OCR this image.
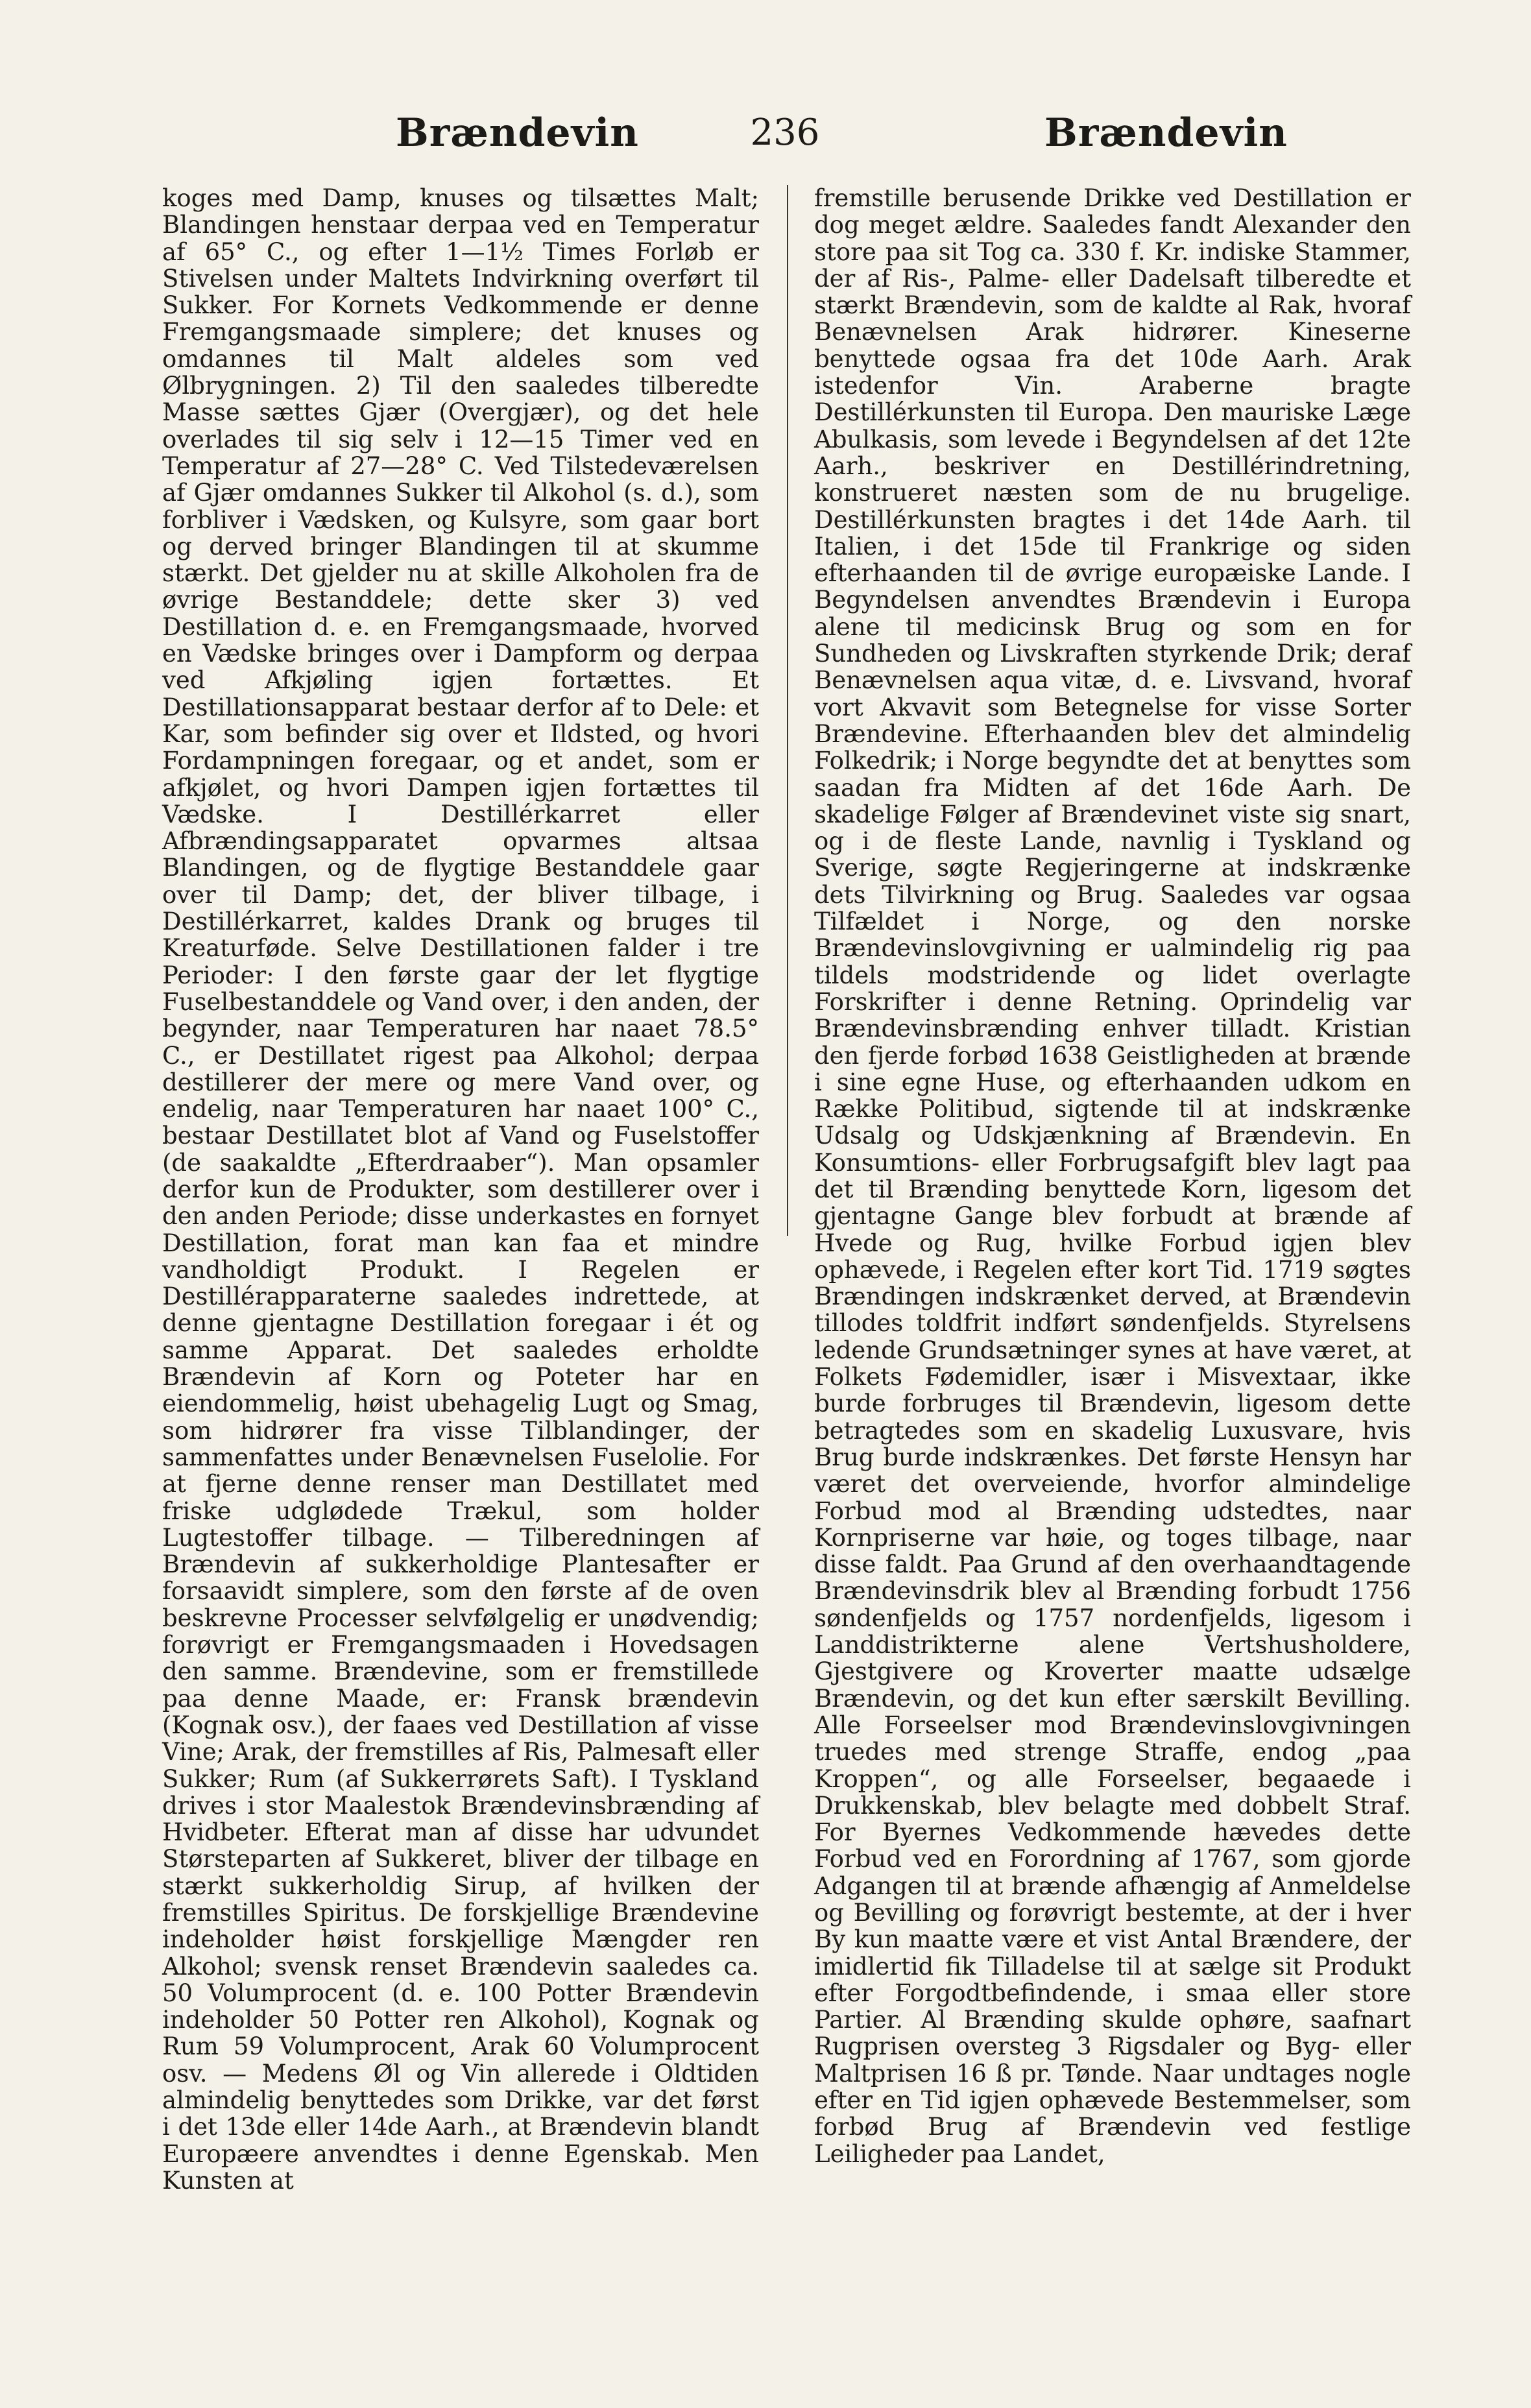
Brændevin	236	Brændevin

koges med Damp, knuses og tilsættes Malt; Blandingen henstaar derpaa ved en Temperatur af 65° C., og efter 1—1½ Times Forløb er Stivelsen under Maltets Indvirkning overført til Sukker. For Kornets Vedkommende er denne Fremgangsmaade simplere; det knuses og omdannes til Malt aldeles som ved Ølbrygningen. 2) Til den saaledes tilberedte Masse sættes Gjær (Overgjær), og det hele overlades til sig selv i 12—15 Timer ved en Temperatur af 27—28° C. Ved Tilstedeværelsen af Gjær omdannes Sukker til Alkohol (s. d.), som forbliver i Vædsken, og Kulsyre, som gaar bort og derved bringer Blandingen til at skumme stærkt. Det gjelder nu at skille Alkoholen fra de øvrige Bestanddele; dette sker 3) ved Destillation d. e. en Fremgangsmaade, hvorved en Vædske bringes over i Dampform og derpaa ved Afkjøling igjen fortættes. Et Destillationsapparat bestaar derfor af to Dele: et Kar, som befinder sig over et Ildsted, og hvori Fordampningen foregaar, og et andet, som er afkjølet, og hvori Dampen igjen fortættes til Vædske. I Destillérkarret eller Afbrændingsapparatet opvarmes altsaa Blandingen, og de flygtige Bestanddele gaar over til Damp; det, der bliver tilbage, i Destillérkarret, kaldes Drank og bruges til Kreaturføde. Selve Destillationen falder i tre Perioder: I den første gaar der let flygtige Fuselbestanddele og Vand over, i den anden, der begynder, naar Temperaturen har naaet 78.5° C., er Destillatet rigest paa Alkohol; derpaa destillerer der mere og mere Vand over, og endelig, naar Temperaturen har naaet 100° C., bestaar Destillatet blot af Vand og Fuselstoffer (de saakaldte „Efterdraaber“). Man opsamler derfor kun de Produkter, som destillerer over i den anden Periode; disse underkastes en fornyet Destillation, forat man kan faa et mindre vandholdigt Produkt. I Regelen er Destillérapparaterne saaledes indrettede, at denne gjentagne Destillation foregaar i ét og samme Apparat. Det saaledes erholdte Brændevin af Korn og Poteter har en eiendommelig, høist ubehagelig Lugt og Smag, som hidrører fra visse Tilblandinger, der sammenfattes under Benævnelsen Fuselolie. For at fjerne denne renser man Destillatet med friske udglødede Trækul, som holder Lugtestoffer tilbage. — Tilberedningen af Brændevin af sukkerholdige Plantesafter er forsaavidt simplere, som den første af de oven beskrevne Processer selvfølgelig er unødvendig; forøvrigt er Fremgangsmaaden i Hovedsagen den samme. Brændevine, som er fremstillede paa denne Maade, er: Fransk brændevin (Kognak osv.), der faaes ved Destillation af visse Vine; Arak, der fremstilles af Ris, Palmesaft eller Sukker; Rum (af Sukkerrørets Saft). I Tyskland drives i stor Maalestok Brændevinsbrænding af Hvidbeter. Efterat man af disse har udvundet Størsteparten af Sukkeret, bliver der tilbage en stærkt sukkerholdig Sirup, af hvilken der fremstilles Spiritus. De forskjellige Brændevine indeholder høist forskjellige Mængder ren Alkohol; svensk renset Brændevin saaledes ca. 50 Volumprocent (d. e. 100 Potter Brændevin indeholder 50 Potter ren Alkohol), Kognak og Rum 59 Volumprocent, Arak 60 Volumprocent osv. — Medens Øl og Vin allerede i Oldtiden almindelig benyttedes som Drikke, var det først i det 13de eller 14de Aarh., at Brændevin blandt Europæere anvendtes i denne Egenskab. Men Kunsten at

fremstille berusende Drikke ved Destillation er dog meget ældre. Saaledes fandt Alexander den store paa sit Tog ca. 330 f. Kr. indiske Stammer, der af Ris-, Palme- eller Dadelsaft tilberedte et stærkt Brændevin, som de kaldte al Rak, hvoraf Benævnelsen Arak hidrører. Kineserne benyttede ogsaa fra det 10de Aarh. Arak istedenfor Vin. Araberne bragte Destillérkunsten til Europa. Den mauriske Læge Abulkasis, som levede i Begyndelsen af det 12te Aarh., beskriver en Destillérindretning, konstrueret næsten som de nu brugelige. Destillérkunsten bragtes i det 14de Aarh. til Italien, i det 15de til Frankrige og siden efterhaanden til de øvrige europæiske Lande. I Begyndelsen anvendtes Brændevin i Europa alene til medicinsk Brug og som en for Sundheden og Livskraften styrkende Drik; deraf Benævnelsen aqua vitæ, d. e. Livsvand, hvoraf vort Akvavit som Betegnelse for visse Sorter Brændevine. Efterhaanden blev det almindelig Folkedrik; i Norge begyndte det at benyttes som saadan fra Midten af det 16de Aarh. De skadelige Følger af Brændevinet viste sig snart, og i de fleste Lande, navnlig i Tyskland og Sverige, søgte Regjeringerne at indskrænke dets Tilvirkning og Brug. Saaledes var ogsaa Tilfældet i Norge, og den norske Brændevinslovgivning er ualmindelig rig paa tildels modstridende og lidet overlagte Forskrifter i denne Retning. Oprindelig var Brændevinsbrænding enhver tilladt. Kristian den fjerde forbød 1638 Geistligheden at brænde i sine egne Huse, og efterhaanden udkom en Række Politibud, sigtende til at indskrænke Udsalg og Udskjænkning af Brændevin. En Konsumtions- eller Forbrugsafgift blev lagt paa det til Brænding benyttede Korn, ligesom det gjentagne Gange blev forbudt at brænde af Hvede og Rug, hvilke Forbud igjen blev ophævede, i Regelen efter kort Tid. 1719 søgtes Brændingen indskrænket derved, at Brændevin tillodes toldfrit indført søndenfjelds. Styrelsens ledende Grundsætninger synes at have været, at Folkets Fødemidler, især i Misvextaar, ikke burde forbruges til Brændevin, ligesom dette betragtedes som en skadelig Luxusvare, hvis Brug burde indskrænkes. Det første Hensyn har været det overveiende, hvorfor almindelige Forbud mod al Brænding udstedtes, naar Kornpriserne var høie, og toges tilbage, naar disse faldt. Paa Grund af den overhaandtagende Brændevinsdrik blev al Brænding forbudt 1756 søndenfjelds og 1757 nordenfjelds, ligesom i Landdistrikterne alene Vertshusholdere, Gjestgivere og Kroverter maatte udsælge Brændevin, og det kun efter særskilt Bevilling. Alle Forseelser mod Brændevinslovgivningen truedes med strenge Straffe, endog „paa Kroppen“, og alle Forseelser, begaaede i Drukkenskab, blev belagte med dobbelt Straf. For Byernes Vedkommende hævedes dette Forbud ved en Forordning af 1767, som gjorde Adgangen til at brænde afhængig af Anmeldelse og Bevilling og forøvrigt bestemte, at der i hver By kun maatte være et vist Antal Brændere, der imidlertid fik Tilladelse til at sælge sit Produkt efter Forgodtbefindende, i smaa eller store Partier. Al Brænding skulde ophøre, saafnart Rugprisen oversteg 3 Rigsdaler og Byg- eller Maltprisen 16 ß pr. Tønde. Naar undtages nogle efter en Tid igjen ophævede Bestemmelser, som forbød Brug af Brændevin ved festlige Leiligheder paa Landet,
